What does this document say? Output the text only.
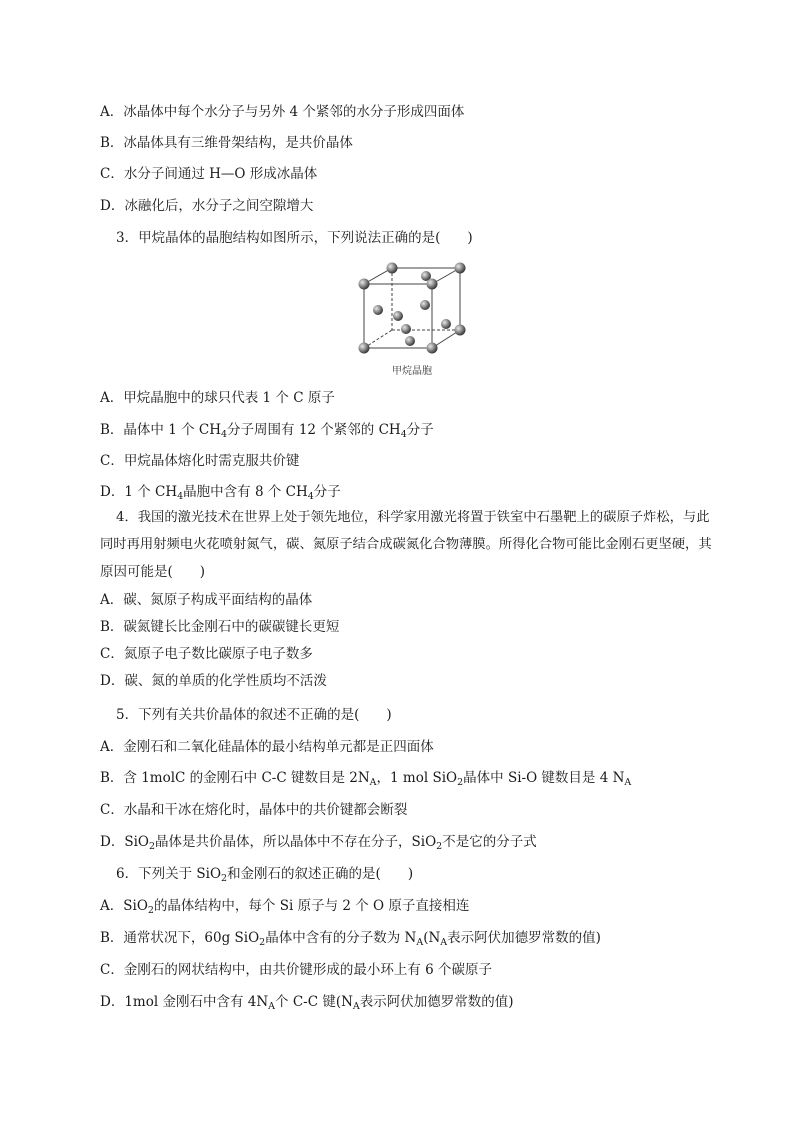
A．冰晶体中每个水分子与另外 4 个紧邻的水分子形成四面体
B．冰晶体具有三维骨架结构，是共价晶体
C．水分子间通过 H—O 形成冰晶体
D．冰融化后，水分子之间空隙增大
3．甲烷晶体的晶胞结构如图所示，下列说法正确的是(　　)
甲烷晶胞
A．甲烷晶胞中的球只代表 1 个 C 原子
B．晶体中 1 个 $CH_4$分子周围有 12 个紧邻的 $CH_4$分子
C．甲烷晶体熔化时需克服共价键
D．1 个 $CH_4$晶胞中含有 8 个 $CH_4$分子
4．我国的激光技术在世界上处于领先地位，科学家用激光将置于铁室中石墨靶上的碳原子炸松，与此
同时再用射频电火花喷射氮气，碳、氮原子结合成碳氮化合物薄膜。所得化合物可能比金刚石更坚硬，其
原因可能是(　　)
A．碳、氮原子构成平面结构的晶体
B．碳氮键长比金刚石中的碳碳键长更短
C．氮原子电子数比碳原子电子数多
D．碳、氮的单质的化学性质均不活泼
5．下列有关共价晶体的叙述不正确的是(　　)
A．金刚石和二氧化硅晶体的最小结构单元都是正四面体
B．含 1molC 的金刚石中 C-C 键数目是 $2N_A$，1 mol SiO$_2$晶体中 Si-O 键数目是 4 $N_A$
C．水晶和干冰在熔化时，晶体中的共价键都会断裂
D．SiO$_2$晶体是共价晶体，所以晶体中不存在分子，SiO$_2$不是它的分子式
6．下列关于 SiO$_2$和金刚石的叙述正确的是(　　)
A．SiO$_2$的晶体结构中，每个 Si 原子与 2 个 O 原子直接相连
B．通常状况下，60g SiO$_2$晶体中含有的分子数为 $N_A(N_A$表示阿伏加德罗常数的值)
C．金刚石的网状结构中，由共价键形成的最小环上有 6 个碳原子
D．1mol 金刚石中含有 $4N_A$个 C-C 键($N_A$表示阿伏加德罗常数的值)
